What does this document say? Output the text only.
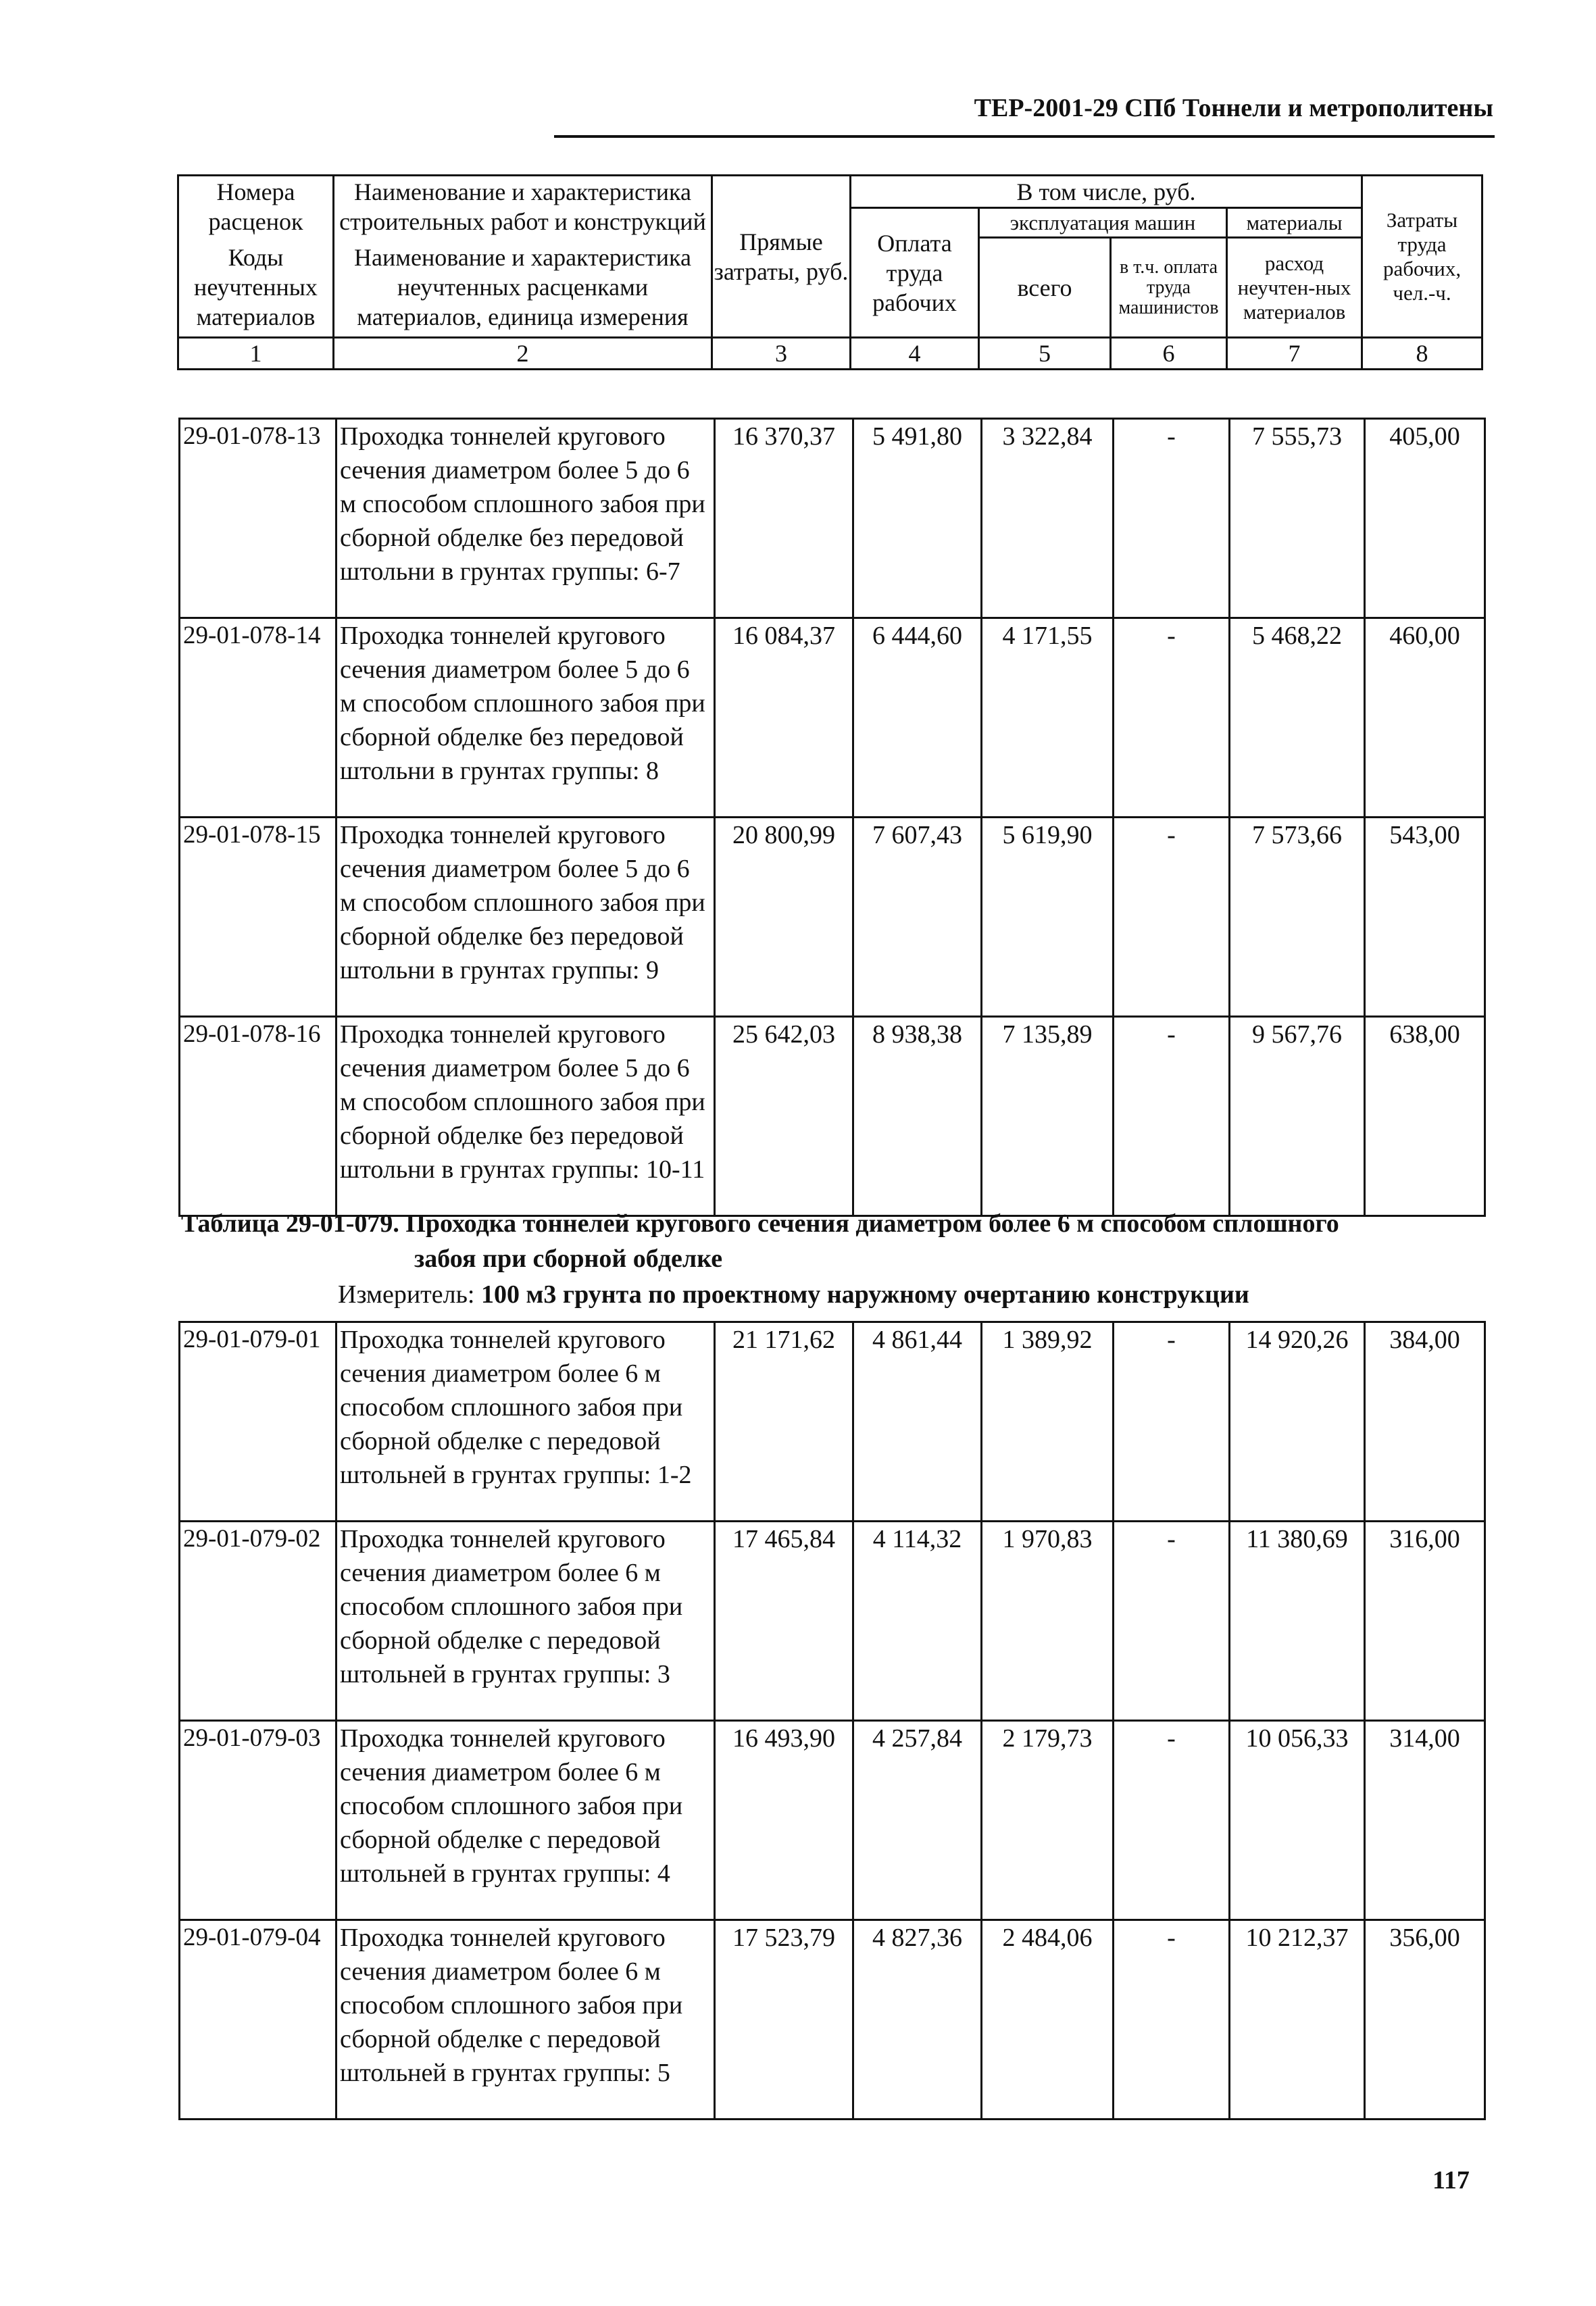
ТЕР-2001-29 СПб Тоннели и метрополитены
Номера расценок	Наименование и характеристика строительных работ и конструкций	Прямые затраты, руб.	В том числе, руб.				Затраты труда рабочих, чел.-ч.
			Оплата труда рабочих	эксплуатация машин		материалы	
Коды неучтенных материалов	Наименование и характеристика неучтенных расценками материалов, единица измерения			всего	в т.ч. оплата труда машинистов	расход неучтен-ных материалов	

1	2	3	4	5	6	7	8
29-01-078-13	Проходка тоннелей кругового сечения диаметром более 5 до 6 м способом сплошного забоя при сборной обделке без передовой штольни в грунтах группы: 6-7	16 370,37	5 491,80	3 322,84	-	7 555,73	405,00
29-01-078-14	Проходка тоннелей кругового сечения диаметром более 5 до 6 м способом сплошного забоя при сборной обделке без передовой штольни в грунтах группы: 8	16 084,37	6 444,60	4 171,55	-	5 468,22	460,00
29-01-078-15	Проходка тоннелей кругового сечения диаметром более 5 до 6 м способом сплошного забоя при сборной обделке без передовой штольни в грунтах группы: 9	20 800,99	7 607,43	5 619,90	-	7 573,66	543,00
29-01-078-16	Проходка тоннелей кругового сечения диаметром более 5 до 6 м способом сплошного забоя при сборной обделке без передовой штольни в грунтах группы: 10-11	25 642,03	8 938,38	7 135,89	-	9 567,76	638,00
Таблица 29-01-079. Проходка тоннелей кругового сечения диаметром более 6 м способом сплошного
забоя при сборной обделке
Измеритель: 100 м3 грунта по проектному наружному очертанию конструкции
29-01-079-01	Проходка тоннелей кругового сечения диаметром более 6 м способом сплошного забоя при сборной обделке с передовой штольней в грунтах группы: 1-2	21 171,62	4 861,44	1 389,92	-	14 920,26	384,00
29-01-079-02	Проходка тоннелей кругового сечения диаметром более 6 м способом сплошного забоя при сборной обделке с передовой штольней в грунтах группы: 3	17 465,84	4 114,32	1 970,83	-	11 380,69	316,00
29-01-079-03	Проходка тоннелей кругового сечения диаметром более 6 м способом сплошного забоя при сборной обделке с передовой штольней в грунтах группы: 4	16 493,90	4 257,84	2 179,73	-	10 056,33	314,00
29-01-079-04	Проходка тоннелей кругового сечения диаметром более 6 м способом сплошного забоя при сборной обделке с передовой штольней в грунтах группы: 5	17 523,79	4 827,36	2 484,06	-	10 212,37	356,00
117
